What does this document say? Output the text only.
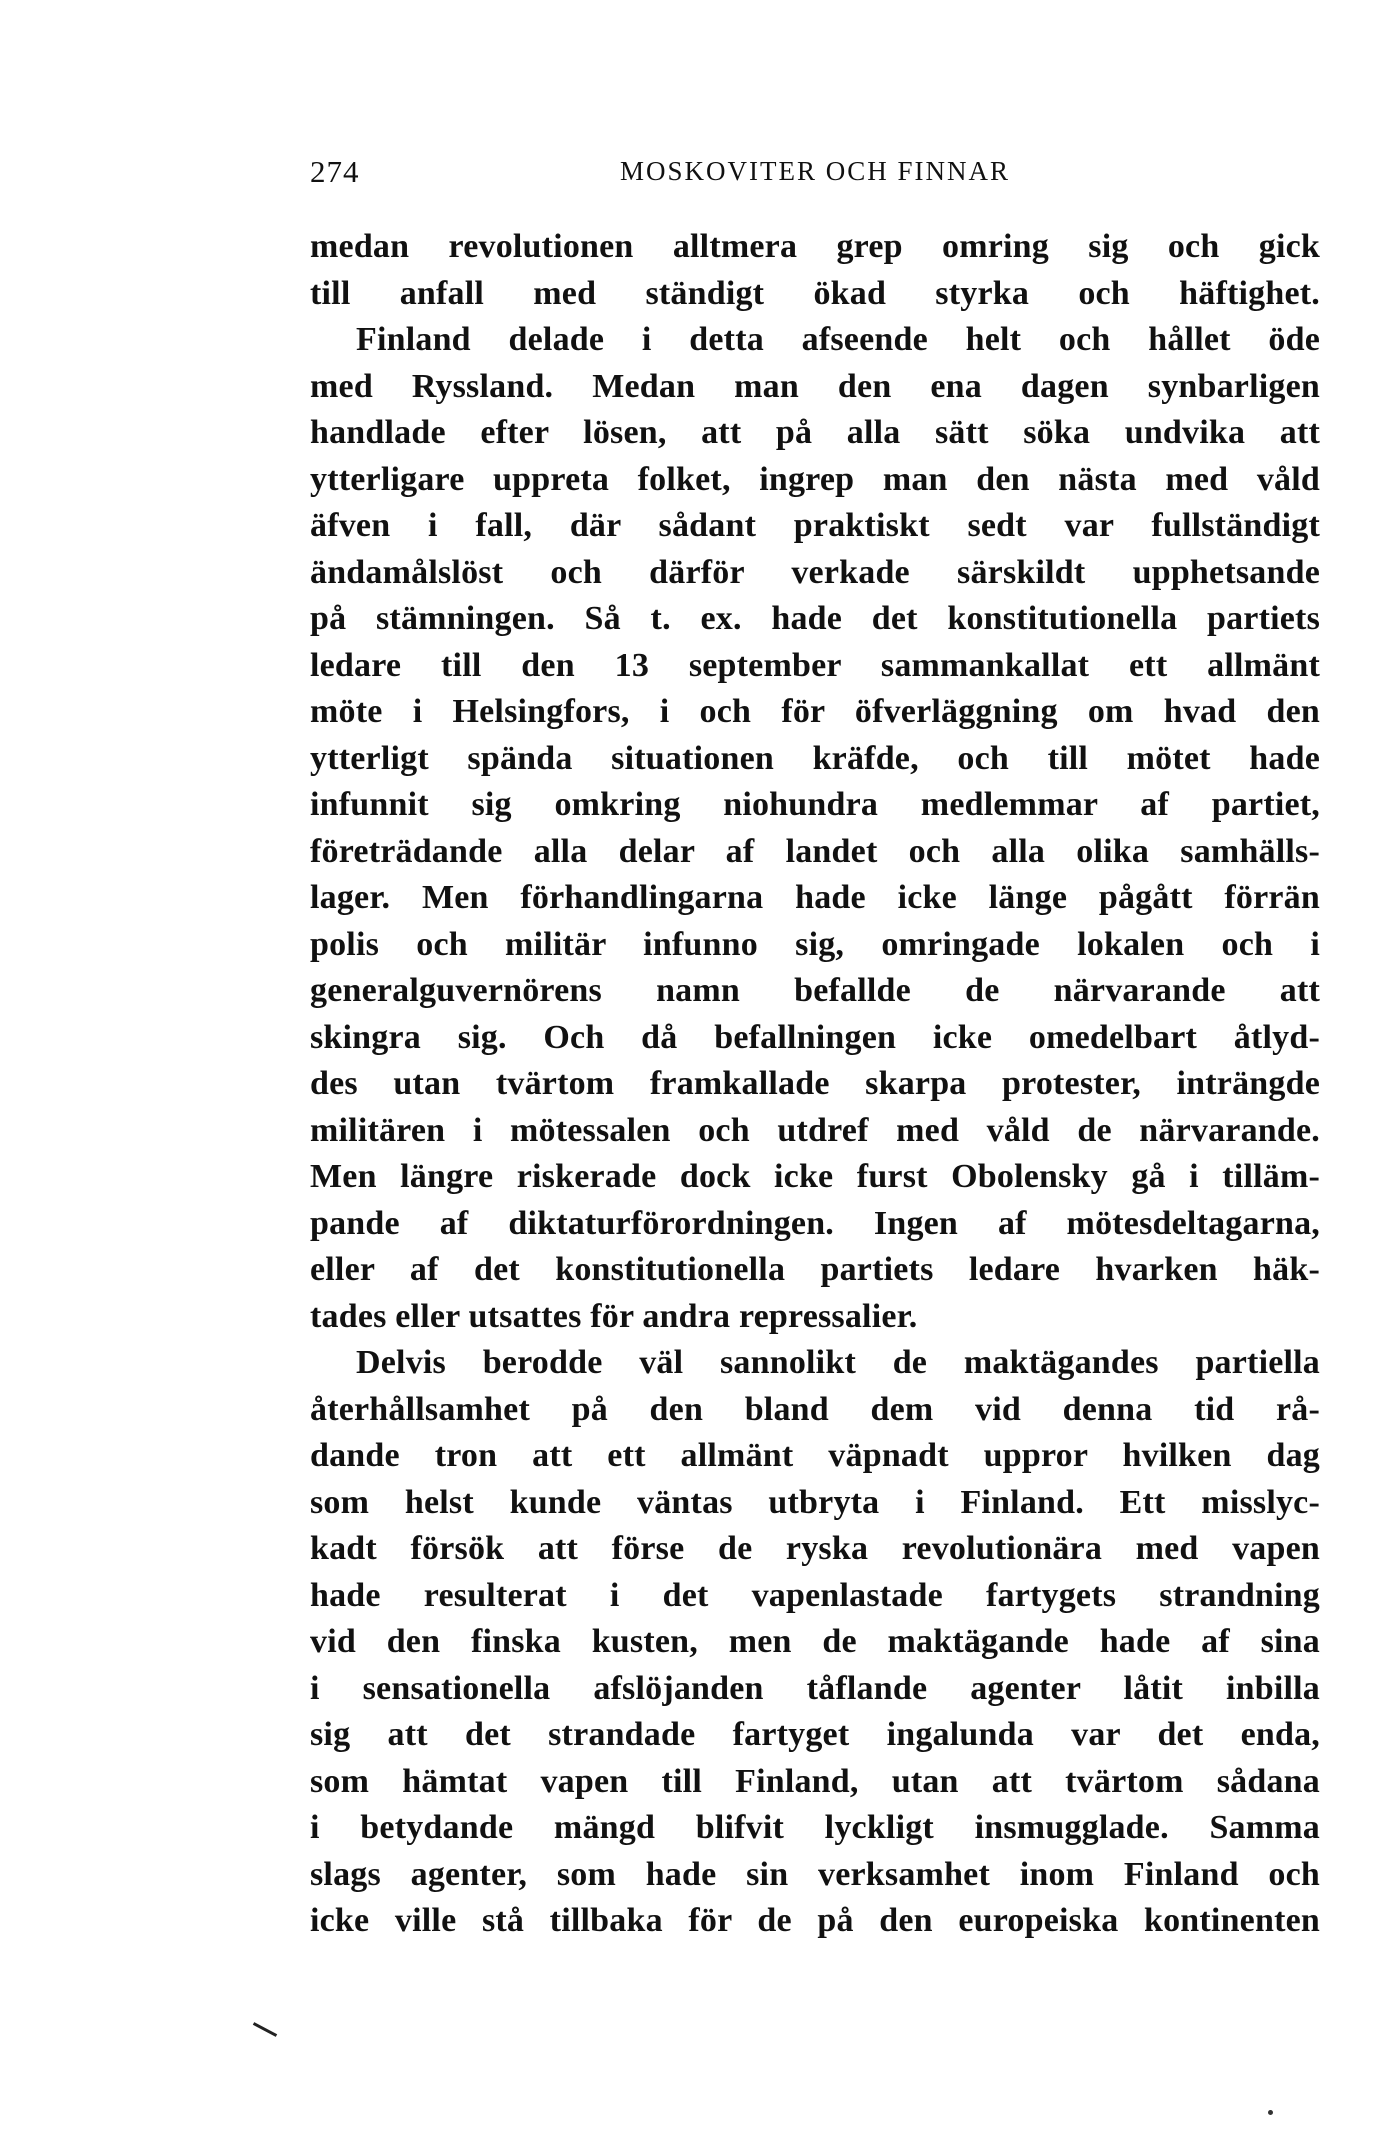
274	MOSKOVITER OCH FINNAR
medan revolutionen alltmera grep omring sig och gick
till anfall med ständigt ökad styrka och häftighet.
Finland delade i detta afseende helt och hållet öde
med Ryssland. Medan man den ena dagen synbarligen
handlade efter lösen, att på alla sätt söka undvika att
ytterligare uppreta folket, ingrep man den nästa med våld
äfven i fall, där sådant praktiskt sedt var fullständigt
ändamålslöst och därför verkade särskildt upphetsande
på stämningen. Så t. ex. hade det konstitutionella partiets
ledare till den 13 september sammankallat ett allmänt
möte i Helsingfors, i och för öfverläggning om hvad den
ytterligt spända situationen kräfde, och till mötet hade
infunnit sig omkring niohundra medlemmar af partiet,
företrädande alla delar af landet och alla olika samhälls-
lager. Men förhandlingarna hade icke länge pågått förrän
polis och militär infunno sig, omringade lokalen och i
generalguvernörens namn befallde de närvarande att
skingra sig. Och då befallningen icke omedelbart åtlyd-
des utan tvärtom framkallade skarpa protester, inträngde
militären i mötessalen och utdref med våld de närvarande.
Men längre riskerade dock icke furst Obolensky gå i tilläm-
pande af diktaturförordningen. Ingen af mötesdeltagarna,
eller af det konstitutionella partiets ledare hvarken häk-
tades eller utsattes för andra repressalier.
Delvis berodde väl sannolikt de maktägandes partiella
återhållsamhet på den bland dem vid denna tid rå-
dande tron att ett allmänt väpnadt uppror hvilken dag
som helst kunde väntas utbryta i Finland. Ett misslyc-
kadt försök att förse de ryska revolutionära med vapen
hade resulterat i det vapenlastade fartygets strandning
vid den finska kusten, men de maktägande hade af sina
i sensationella afslöjanden tåflande agenter låtit inbilla
sig att det strandade fartyget ingalunda var det enda,
som hämtat vapen till Finland, utan att tvärtom sådana
i betydande mängd blifvit lyckligt insmugglade. Samma
slags agenter, som hade sin verksamhet inom Finland och
icke ville stå tillbaka för de på den europeiska kontinenten
